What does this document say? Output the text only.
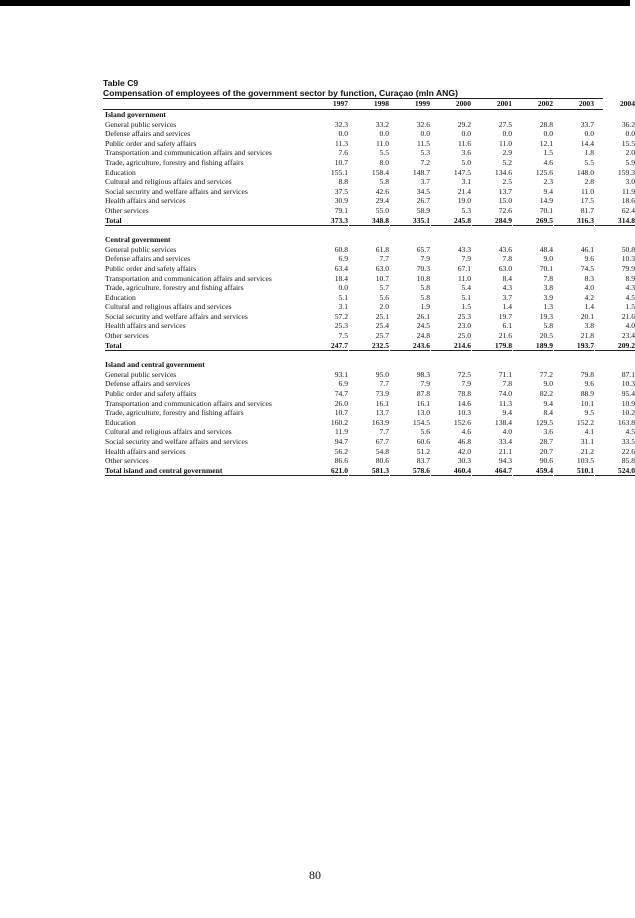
Table C9
Compensation of employees of the government sector by function, Curaçao (mln ANG)
1997	1998	1999	2000	2001	2002	2003	2004
Island government
General public services	32.3	33.2	32.6	29.2	27.5	28.8	33.7	36.2
Defense affairs and services	0.0	0.0	0.0	0.0	0.0	0.0	0.0	0.0
Public order and safety affairs	11.3	11.0	11.5	11.6	11.0	12.1	14.4	15.5
Transportation and communication affairs and services	7.6	5.5	5.3	3.6	2.9	1.5	1.8	2.0
Trade, agriculture, forestry and fishing affairs	10.7	8.0	7.2	5.0	5.2	4.6	5.5	5.9
Education	155.1	158.4	148.7	147.5	134.6	125.6	148.0	159.3
Cultural and religious affairs and services	8.8	5.8	3.7	3.1	2.5	2.3	2.8	3.0
Social security and welfare affairs and services	37.5	42.6	34.5	21.4	13.7	9.4	11.0	11.9
Health affairs and services	30.9	29.4	26.7	19.0	15.0	14.9	17.5	18.6
Other services	79.1	55.0	58.9	5.3	72.6	70.1	81.7	62.4
Total	373.3	348.8	335.1	245.8	284.9	269.5	316.3	314.8
Central government
General public services	60.8	61.8	65.7	43.3	43.6	48.4	46.1	50.8
Defense affairs and services	6.9	7.7	7.9	7.9	7.8	9.0	9.6	10.3
Public order and safety affairs	63.4	63.0	70.3	67.1	63.0	70.1	74.5	79.9
Transportation and communication affairs and services	18.4	10.7	10.8	11.0	8.4	7.8	8.3	8.9
Trade, agriculture, forestry and fishing affairs	0.0	5.7	5.8	5.4	4.3	3.8	4.0	4.3
Education	5.1	5.6	5.8	5.1	3.7	3.9	4.2	4.5
Cultural and religious affairs and services	3.1	2.0	1.9	1.5	1.4	1.3	1.4	1.5
Social security and welfare affairs and services	57.2	25.1	26.1	25.3	19.7	19.3	20.1	21.6
Health affairs and services	25.3	25.4	24.5	23.0	6.1	5.8	3.8	4.0
Other services	7.5	25.7	24.8	25.0	21.6	20.5	21.8	23.4
Total	247.7	232.5	243.6	214.6	179.8	189.9	193.7	209.2
Island and central government
General public services	93.1	95.0	98.3	72.5	71.1	77.2	79.8	87.1
Defense affairs and services	6.9	7.7	7.9	7.9	7.8	9.0	9.6	10.3
Public order and safety affairs	74.7	73.9	87.8	78.8	74.0	82.2	88.9	95.4
Transportation and communication affairs and services	26.0	16.1	16.1	14.6	11.3	9.4	10.1	10.9
Trade, agriculture, forestry and fishing affairs	10.7	13.7	13.0	10.3	9.4	8.4	9.5	10.2
Education	160.2	163.9	154.5	152.6	138.4	129.5	152.2	163.8
Cultural and religious affairs and services	11.9	7.7	5.6	4.6	4.0	3.6	4.1	4.5
Social security and welfare affairs and services	94.7	67.7	60.6	46.8	33.4	28.7	31.1	33.5
Health affairs and services	56.2	54.8	51.2	42.0	21.1	20.7	21.2	22.6
Other services	86.6	80.6	83.7	30.3	94.3	90.6	103.5	85.8
Total island and central government	621.0	581.3	578.6	460.4	464.7	459.4	510.1	524.0
80
